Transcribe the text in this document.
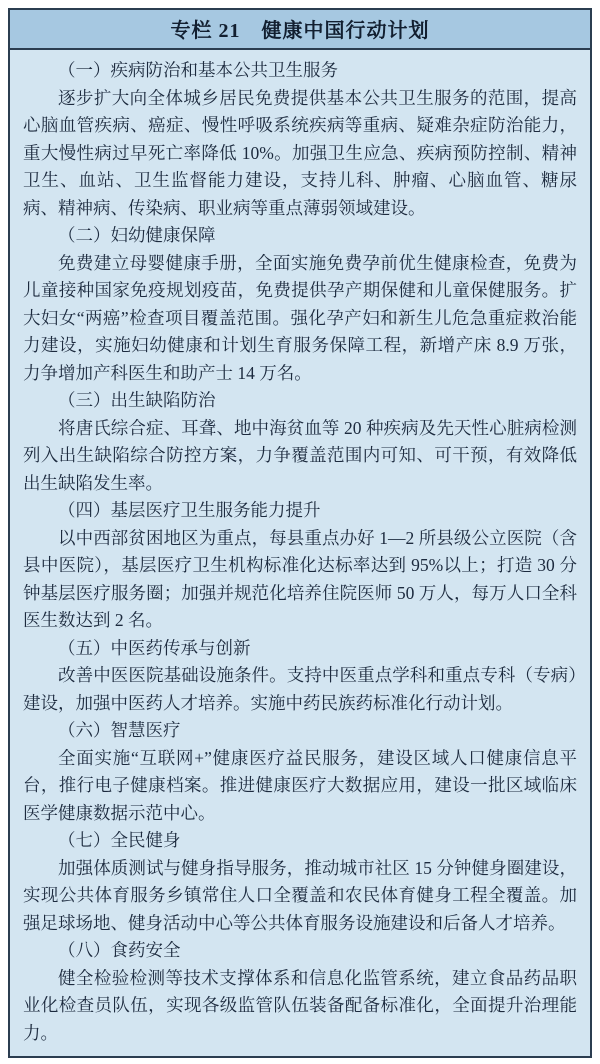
专栏 21　健康中国行动计划

（一）疾病防治和基本公共卫生服务

逐步扩大向全体城乡居民免费提供基本公共卫生服务的范围，提高心脑血管疾病、癌症、慢性呼吸系统疾病等重病、疑难杂症防治能力，重大慢性病过早死亡率降低 10%。加强卫生应急、疾病预防控制、精神卫生、血站、卫生监督能力建设，支持儿科、肿瘤、心脑血管、糖尿病、精神病、传染病、职业病等重点薄弱领域建设。

（二）妇幼健康保障

免费建立母婴健康手册，全面实施免费孕前优生健康检查，免费为儿童接种国家免疫规划疫苗，免费提供孕产期保健和儿童保健服务。扩大妇女“两癌”检查项目覆盖范围。强化孕产妇和新生儿危急重症救治能力建设，实施妇幼健康和计划生育服务保障工程，新增产床 8.9 万张，力争增加产科医生和助产士 14 万名。

（三）出生缺陷防治

将唐氏综合症、耳聋、地中海贫血等 20 种疾病及先天性心脏病检测列入出生缺陷综合防控方案，力争覆盖范围内可知、可干预，有效降低出生缺陷发生率。

（四）基层医疗卫生服务能力提升

以中西部贫困地区为重点，每县重点办好 1—2 所县级公立医院（含县中医院），基层医疗卫生机构标准化达标率达到 95%以上；打造 30 分钟基层医疗服务圈；加强并规范化培养住院医师 50 万人，每万人口全科医生数达到 2 名。

（五）中医药传承与创新

改善中医医院基础设施条件。支持中医重点学科和重点专科（专病）建设，加强中医药人才培养。实施中药民族药标准化行动计划。

（六）智慧医疗

全面实施“互联网+”健康医疗益民服务，建设区域人口健康信息平台，推行电子健康档案。推进健康医疗大数据应用，建设一批区域临床医学健康数据示范中心。

（七）全民健身

加强体质测试与健身指导服务，推动城市社区 15 分钟健身圈建设，实现公共体育服务乡镇常住人口全覆盖和农民体育健身工程全覆盖。加强足球场地、健身活动中心等公共体育服务设施建设和后备人才培养。

（八）食药安全

健全检验检测等技术支撑体系和信息化监管系统，建立食品药品职业化检查员队伍，实现各级监管队伍装备配备标准化，全面提升治理能力。
